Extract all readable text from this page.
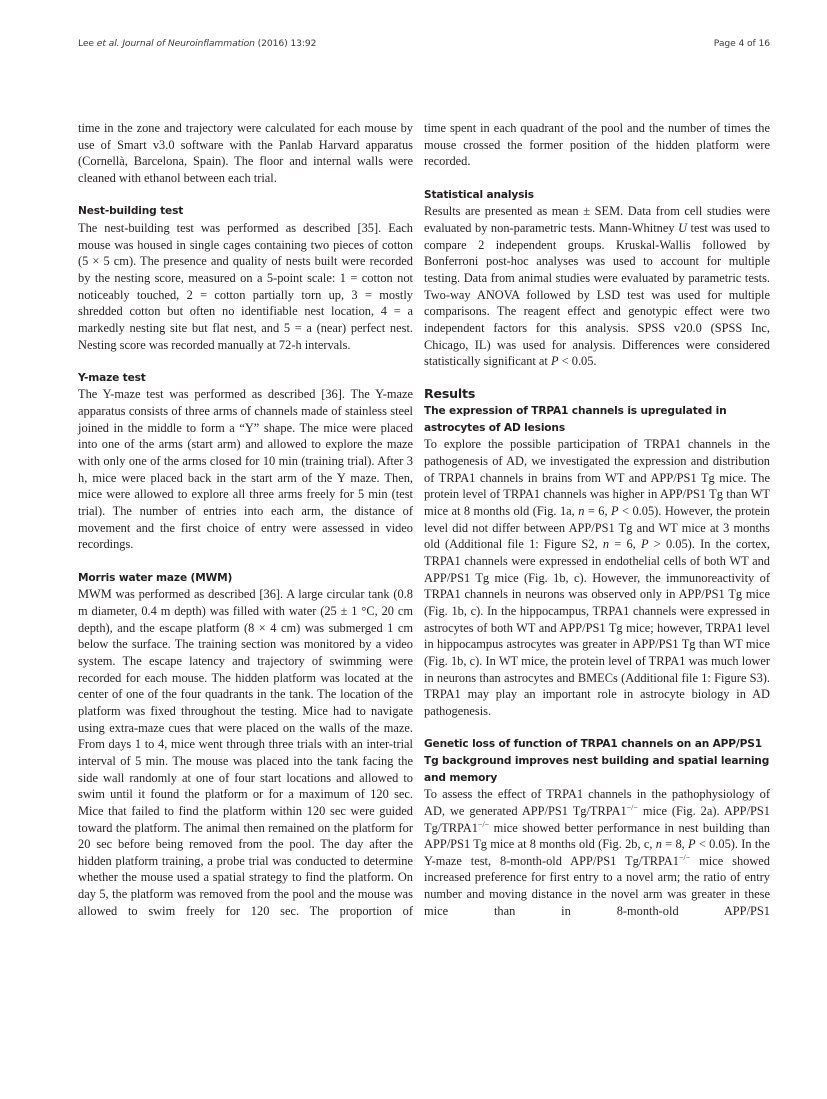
Lee et al. Journal of Neuroinflammation (2016) 13:92	Page 4 of 16

time in the zone and trajectory were calculated for each mouse by use of Smart v3.0 software with the Panlab Harvard apparatus (Cornellà, Barcelona, Spain). The floor and internal walls were cleaned with ethanol between each trial.

Nest-building test

The nest-building test was performed as described [35]. Each mouse was housed in single cages containing two pieces of cotton (5 × 5 cm). The presence and quality of nests built were recorded by the nesting score, measured on a 5-point scale: 1 = cotton not noticeably touched, 2 = cotton partially torn up, 3 = mostly shredded cotton but often no identifiable nest location, 4 = a markedly nesting site but flat nest, and 5 = a (near) perfect nest. Nesting score was recorded manually at 72-h intervals.

Y-maze test

The Y-maze test was performed as described [36]. The Y-maze apparatus consists of three arms of channels made of stainless steel joined in the middle to form a “Y” shape. The mice were placed into one of the arms (start arm) and allowed to explore the maze with only one of the arms closed for 10 min (training trial). After 3 h, mice were placed back in the start arm of the Y maze. Then, mice were allowed to explore all three arms freely for 5 min (test trial). The number of entries into each arm, the distance of movement and the first choice of entry were assessed in video recordings.

Morris water maze (MWM)

MWM was performed as described [36]. A large circular tank (0.8 m diameter, 0.4 m depth) was filled with water (25 ± 1 °C, 20 cm depth), and the escape platform (8 × 4 cm) was submerged 1 cm below the surface. The training section was monitored by a video system. The escape latency and trajectory of swimming were recorded for each mouse. The hidden platform was located at the center of one of the four quadrants in the tank. The location of the platform was fixed throughout the testing. Mice had to navigate using extra-maze cues that were placed on the walls of the maze. From days 1 to 4, mice went through three trials with an inter-trial interval of 5 min. The mouse was placed into the tank facing the side wall randomly at one of four start locations and allowed to swim until it found the platform or for a maximum of 120 sec. Mice that failed to find the platform within 120 sec were guided toward the platform. The animal then remained on the platform for 20 sec before being removed from the pool. The day after the hidden platform training, a probe trial was conducted to determine whether the mouse used a spatial strategy to find the platform. On day 5, the platform was removed from the pool and the mouse was allowed to swim freely for 120 sec. The proportion of

time spent in each quadrant of the pool and the number of times the mouse crossed the former position of the hidden platform were recorded.

Statistical analysis

Results are presented as mean ± SEM. Data from cell studies were evaluated by non-parametric tests. Mann-Whitney U test was used to compare 2 independent groups. Kruskal-Wallis followed by Bonferroni post-hoc analyses was used to account for multiple testing. Data from animal studies were evaluated by parametric tests. Two-way ANOVA followed by LSD test was used for multiple comparisons. The reagent effect and genotypic effect were two independent factors for this analysis. SPSS v20.0 (SPSS Inc, Chicago, IL) was used for analysis. Differences were considered statistically significant at P < 0.05.

Results
The expression of TRPA1 channels is upregulated in astrocytes of AD lesions

To explore the possible participation of TRPA1 channels in the pathogenesis of AD, we investigated the expression and distribution of TRPA1 channels in brains from WT and APP/PS1 Tg mice. The protein level of TRPA1 channels was higher in APP/PS1 Tg than WT mice at 8 months old (Fig. 1a, n = 6, P < 0.05). However, the protein level did not differ between APP/PS1 Tg and WT mice at 3 months old (Additional file 1: Figure S2, n = 6, P > 0.05). In the cortex, TRPA1 channels were expressed in endothelial cells of both WT and APP/PS1 Tg mice (Fig. 1b, c). However, the immunoreactivity of TRPA1 channels in neurons was observed only in APP/PS1 Tg mice (Fig. 1b, c). In the hippocampus, TRPA1 channels were expressed in astrocytes of both WT and APP/PS1 Tg mice; however, TRPA1 level in hippocampus astrocytes was greater in APP/PS1 Tg than WT mice (Fig. 1b, c). In WT mice, the protein level of TRPA1 was much lower in neurons than astrocytes and BMECs (Additional file 1: Figure S3). TRPA1 may play an important role in astrocyte biology in AD pathogenesis.

Genetic loss of function of TRPA1 channels on an APP/PS1 Tg background improves nest building and spatial learning and memory

To assess the effect of TRPA1 channels in the pathophysiology of AD, we generated APP/PS1 Tg/TRPA1−/− mice (Fig. 2a). APP/PS1 Tg/TRPA1−/− mice showed better performance in nest building than APP/PS1 Tg mice at 8 months old (Fig. 2b, c, n = 8, P < 0.05). In the Y-maze test, 8-month-old APP/PS1 Tg/TRPA1−/− mice showed increased preference for first entry to a novel arm; the ratio of entry number and moving distance in the novel arm was greater in these mice than in 8-month-old APP/PS1
